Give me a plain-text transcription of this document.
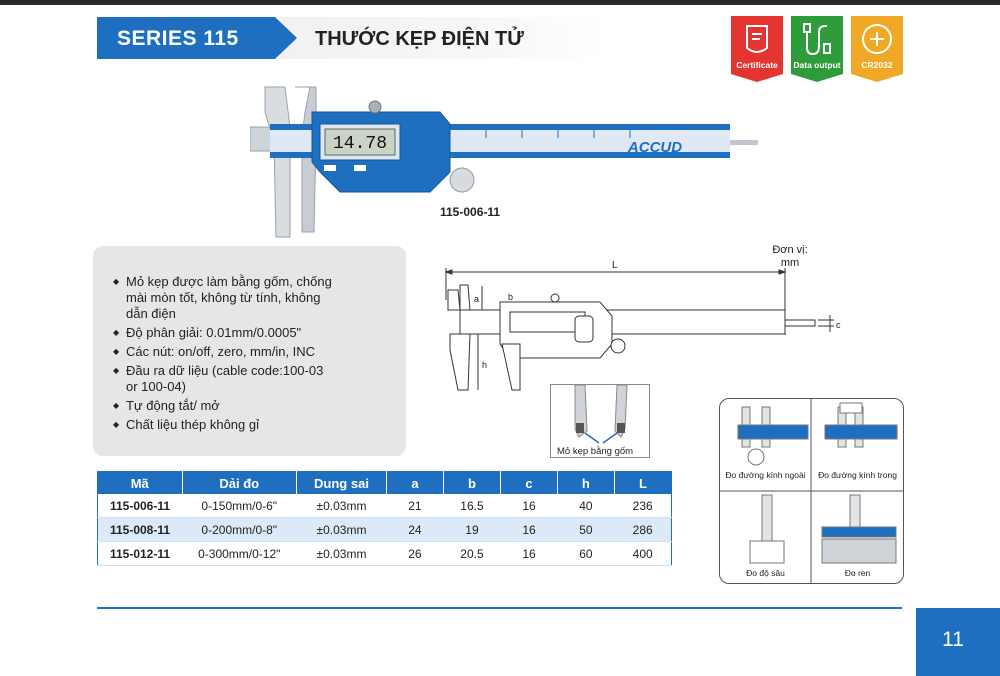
SERIES 115	THƯỚC KẸP ĐIỆN TỬ
Certificate	Data output	CR2032
14.78	ACCUD
115-006-11
◆ Mỏ kẹp được làm bằng gốm, chống mài mòn tốt, không từ tính, không dẫn điện
◆ Độ phân giải: 0.01mm/0.0005"
◆ Các nút: on/off, zero, mm/in, INC
◆ Đầu ra dữ liệu (cable code:100-03 or 100-04)
◆ Tự động tắt/ mở
◆ Chất liệu thép không gỉ
L
a	b
c
h
Đơn vị: mm
Mỏ kẹp bằng gốm
Mã	Dải đo	Dung sai	a	b	c	h	L
115-006-11	0-150mm/0-6"	±0.03mm	21	16.5	16	40	236
115-008-11	0-200mm/0-8"	±0.03mm	24	19	16	50	286
115-012-11	0-300mm/0-12"	±0.03mm	26	20.5	16	60	400
Đo đường kính ngoài	Đo đường kính trong
Đo độ sâu	Đo ren
11
